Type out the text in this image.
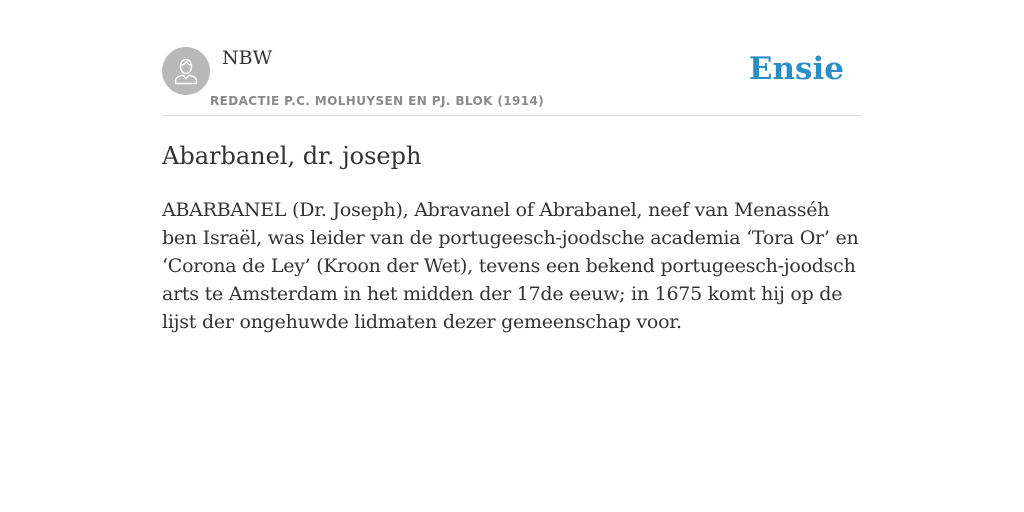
NBW
REDACTIE P.C. MOLHUYSEN EN PJ. BLOK (1914)
Ensie
Abarbanel, dr. joseph

ABARBANEL (Dr. Joseph), Abravanel of Abrabanel, neef van Menasséh ben Israël, was leider van de portugeesch-joodsche academia ‘Tora Or’ en ‘Corona de Ley’ (Kroon der Wet), tevens een bekend portugeesch-joodsch arts te Amsterdam in het midden der 17de eeuw; in 1675 komt hij op de lijst der ongehuwde lidmaten dezer gemeenschap voor.
